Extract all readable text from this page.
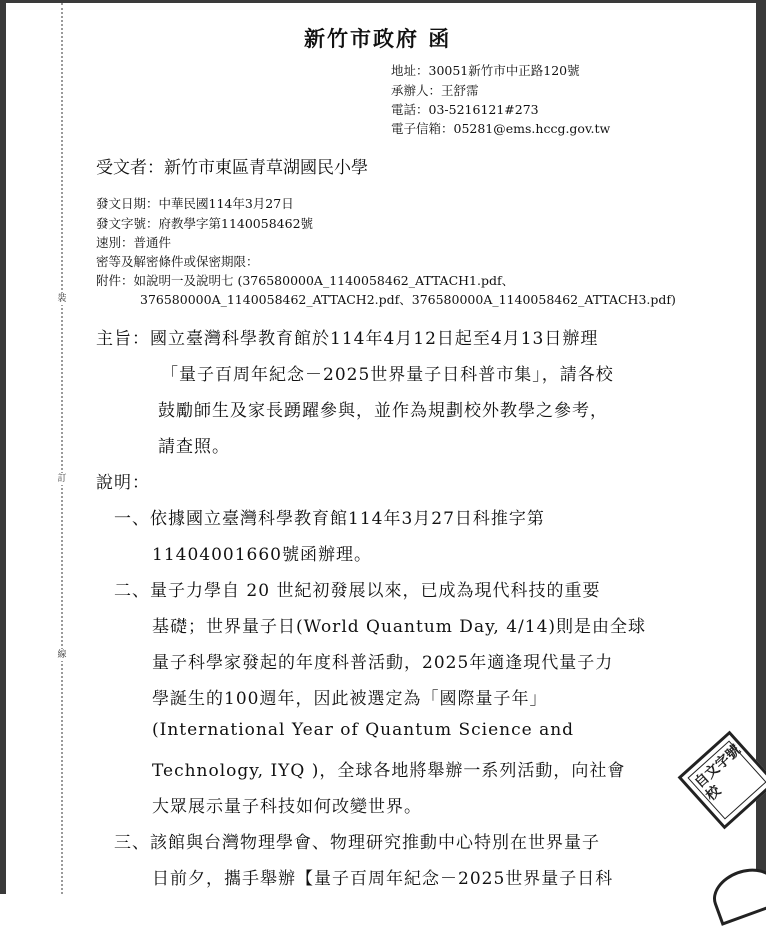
裝
訂
線
新竹市政府 函
地址：30051新竹市中正路120號
承辦人：王舒霈
電話：03-5216121#273
電子信箱：05281@ems.hccg.gov.tw
受文者：新竹市東區青草湖國民小學
發文日期：中華民國114年3月27日
發文字號：府教學字第1140058462號
速別：普通件
密等及解密條件或保密期限：
附件：如說明一及說明七 (376580000A_1140058462_ATTACH1.pdf、
376580000A_1140058462_ATTACH2.pdf、376580000A_1140058462_ATTACH3.pdf)
主旨：國立臺灣科學教育館於114年4月12日起至4月13日辦理
「量子百周年紀念－2025世界量子日科普市集」，請各校
鼓勵師生及家長踴躍參與，並作為規劃校外教學之參考，
請查照。
說明：
一、依據國立臺灣科學教育館114年3月27日科推字第
11404001660號函辦理。
二、量子力學自 20 世紀初發展以來，已成為現代科技的重要
基礎；世界量子日(World Quantum Day, 4/14)則是由全球
量子科學家發起的年度科普活動，2025年適逢現代量子力
學誕生的100週年，因此被選定為「國際量子年」
(International Year of Quantum Science and
Technology, IYQ )，全球各地將舉辦一系列活動，向社會
大眾展示量子科技如何改變世界。
三、該館與台灣物理學會、物理研究推動中心特別在世界量子
日前夕，攜手舉辦【量子百周年紀念－2025世界量子日科
自文字號校
